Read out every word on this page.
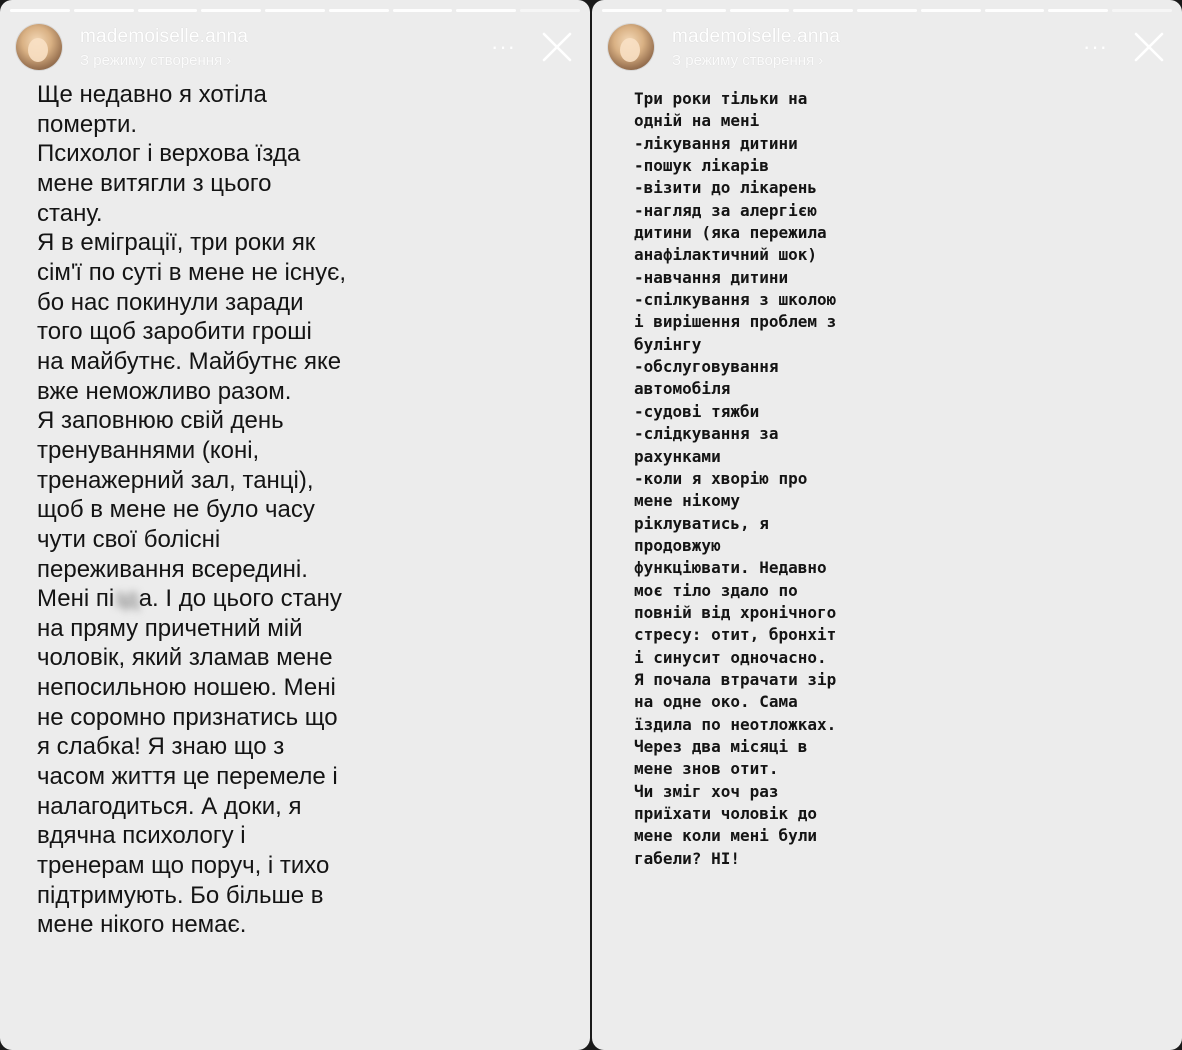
mademoiselle.anna
З режиму створення ›
···	mademoiselle.anna
З режиму створення ›
···

Ще недавно я хотіла
померти.
Психолог і верхова їзда
мене витягли з цього
стану.
Я в еміграції, три роки як
сім'ї по суті в мене не існує,
бо нас покинули заради
того щоб заробити гроші
на майбутнє. Майбутнє яке
вже неможливо разом.
Я заповнюю свій день
тренуваннями (коні,
тренажерний зал, танці),
щоб в мене не було часу
чути свої болісні
переживання всередині.
Мені пізда. І до цього стану
на пряму причетний мій
чоловік, який зламав мене
непосильною ношею. Мені
не соромно признатись що
я слабка! Я знаю що з
часом життя це перемеле і
налагодиться. А доки, я
вдячна психологу і
тренерам що поруч, і тихо
підтримують. Бо більше в
мене нікого немає.

Три роки тільки на
одній на мені
-лікування дитини
-пошук лікарів
-візити до лікарень
-нагляд за алергією
дитини (яка пережила
анафілактичний шок)
-навчання дитини
-спілкування з школою
і вирішення проблем з
булінгу
-обслуговування
автомобіля
-судові тяжби
-слідкування за
рахунками
-коли я хворію про
мене нікому
pіклуватись, я
продовжую
функціювати. Недавно
моє тіло здало по
повній від хронічного
стресу: отит, бронхіт
і синусит одночасно.
Я почала втрачати зір
на одне око. Сама
їздила по неотложках.
Через два місяці в
мене знов отит.
Чи зміг хоч раз
приїхати чоловік до
мене коли мені були
габели? НІ!
